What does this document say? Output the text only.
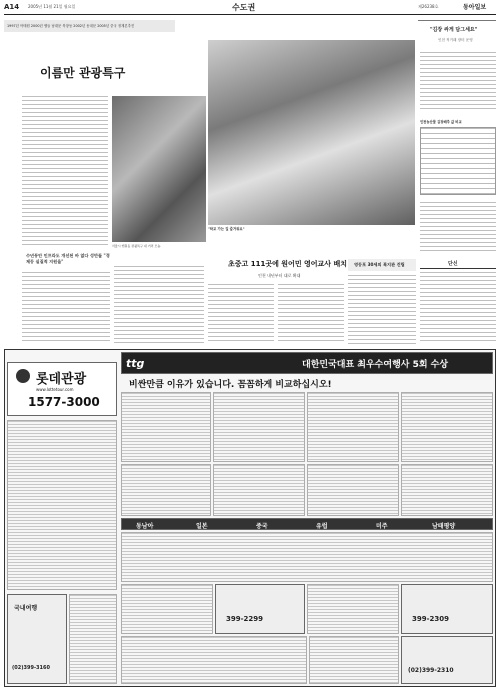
A14 2005년 11월 21일 월요일	수도권	제26238호	동아일보
1997년 아태원 2000년 엠들 남대문 북창동 2002년 동대문 2005년 중국 정계론추진
이름만 관광특구
서울시 엔원동 관광특구 내 거리 모습.
수년동안 인프라도 개선된 바 없다 성만들 "경제등 실질적 지원을"
"학교 가는 길 즐거워요"
초중고 111곳에 원어민 영어교사 배치
인천 내년부터 대로 확대
"김장 싸게 담그세요"
인천 직거래 장터 운영
인천농산물 김장배추 값 비교
영등포 30세의 복지관 건립	단신
롯데관광
www.lottetour.com
1577-3000
국내여행
(02)399-3160
ttg	대한민국대표 최우수여행사 5회 수상
비싼만큼 이유가 있습니다. 꼼꼼하게 비교하십시오!
동남아	일본	중국	유럽	미주	남태평양
399-2299	399-2309
(02)399-2310
